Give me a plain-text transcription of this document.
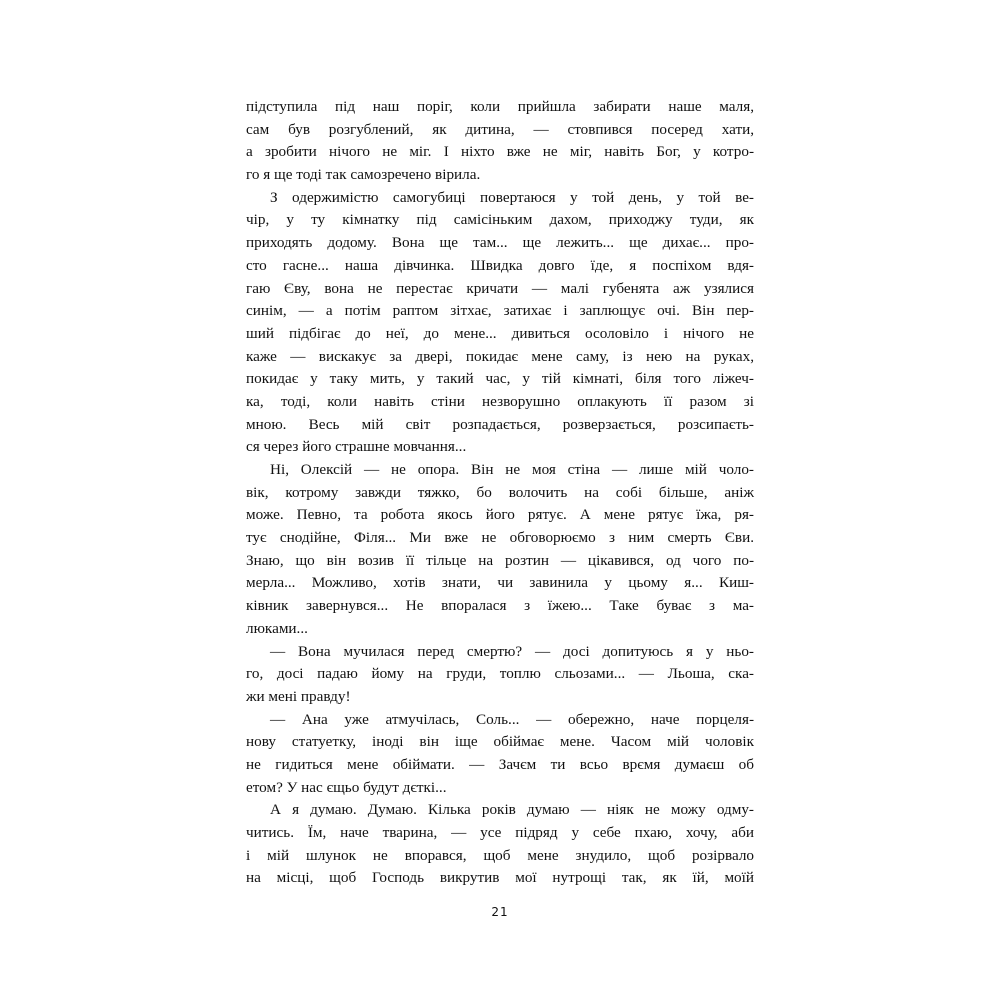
підступила під наш поріг, коли прийшла забирати наше маля,
сам був розгублений, як дитина, — стовпився посеред хати,
а зробити нічого не міг. І ніхто вже не міг, навіть Бог, у котро-
го я ще тоді так самозречено вірила.
З одержимістю самогубиці повертаюся у той день, у той ве-
чір, у ту кімнатку під самісіньким дахом, приходжу туди, як
приходять додому. Вона ще там... ще лежить... ще дихає... про-
сто гасне... наша дівчинка. Швидка довго їде, я поспіхом вдя-
гаю Єву, вона не перестає кричати — малі губенята аж узялися
синім, — а потім раптом зітхає, затихає і заплющує очі. Він пер-
ший підбігає до неї, до мене... дивиться осоловіло і нічого не
каже — вискакує за двері, покидає мене саму, із нею на руках,
покидає у таку мить, у такий час, у тій кімнаті, біля того ліжеч-
ка, тоді, коли навіть стіни незворушно оплакують її разом зі
мною. Весь мій світ розпадається, розверзається, розсипаєть-
ся через його страшне мовчання...
Ні, Олексій — не опора. Він не моя стіна — лише мій чоло-
вік, котрому завжди тяжко, бо волочить на собі більше, аніж
може. Певно, та робота якось його рятує. А мене рятує їжа, ря-
тує снодійне, Філя... Ми вже не обговорюємо з ним смерть Єви.
Знаю, що він возив її тільце на розтин — цікавився, од чого по-
мерла... Можливо, хотів знати, чи завинила у цьому я... Киш-
ківник завернувся... Не впоралася з їжею... Таке буває з ма-
люками...
— Вона мучилася перед смертю? — досі допитуюсь я у ньо-
го, досі падаю йому на груди, топлю сльозами... — Льоша, ска-
жи мені правду!
— Ана уже атмучілась, Соль... — обережно, наче порцеля-
нову статуетку, іноді він іще обіймає мене. Часом мій чоловік
не гидиться мене обіймати. — Зачєм ти всьо врємя думаєш об
етом? У нас єщьо будут дєткі...
А я думаю. Думаю. Кілька років думаю — ніяк не можу одму-
читись. Їм, наче тварина, — усе підряд у себе пхаю, хочу, аби
і мій шлунок не впорався, щоб мене знудило, щоб розірвало
на місці, щоб Господь викрутив мої нутрощі так, як їй, моїй
21
